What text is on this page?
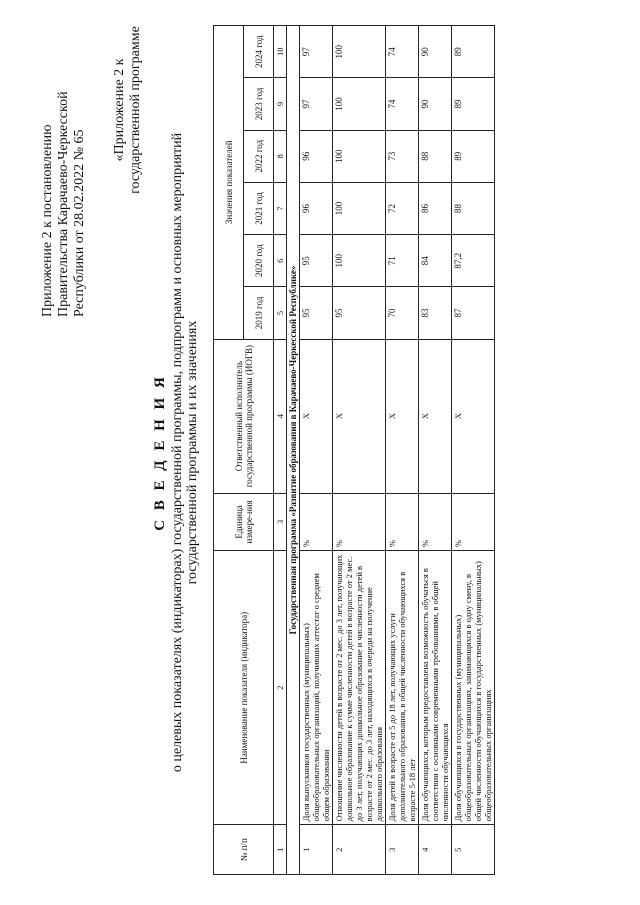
Приложение 2 к постановлению Правительства Карачаево-Черкесской Республики от 28.02.2022 № 65
«Приложение 2 к государственной программе
С В Е Д Е Н И Я о целевых показателях (индикаторах) государственной программы, подпрограмм и основных мероприятий государственной программы и их значениях
№ п/п	Наименование показателя (индикатора)	Единица измере-ния	Ответственный исполнитель государственной программы (ИОГВ)	Значения показателей					
				2019 год	2020 год	2021 год	2022 год	2023 год	2024 год
1	2	3	4	5	6	7	8	9	10
Государственная программа «Развитие образования в Карачаево-Черкесской Республике»									
1	Доля выпускников государственных (муниципальных) общеобразовательных организаций, получивших аттестат о среднем общем образовании	%	Х	95	95	96	96	97	97
2	Отношение численности детей в возрасте от 2 мес. до 3 лет, получающих дошкольное образование к сумме численности детей в возрасте от 2 мес. до 3 лет, получающих дошкольное образование и численности детей в возрасте от 2 мес. до 3 лет, находящихся в очереди на получение дошкольного образования	%	Х	95	100	100	100	100	100
3	Доля детей в возрасте от 5 до 18 лет, получающих услуги дополнительного образования, в общей численности обучающихся в возрасте 5-18 лет	%	Х	70	71	72	73	74	74
4	Доля обучающихся, которым предоставлена возможность обучаться в соответствии с основными современными требованиями, в общей численности обучающихся	%	Х	83	84	86	88	90	90
5	Доля обучающихся в государственных (муниципальных) общеобразовательных организациях, занимающихся в одну смену, в общей численности обучающихся в государственных (муниципальных) общеобразовательных организациях	%	Х	87	87,2	88	89	89	89
